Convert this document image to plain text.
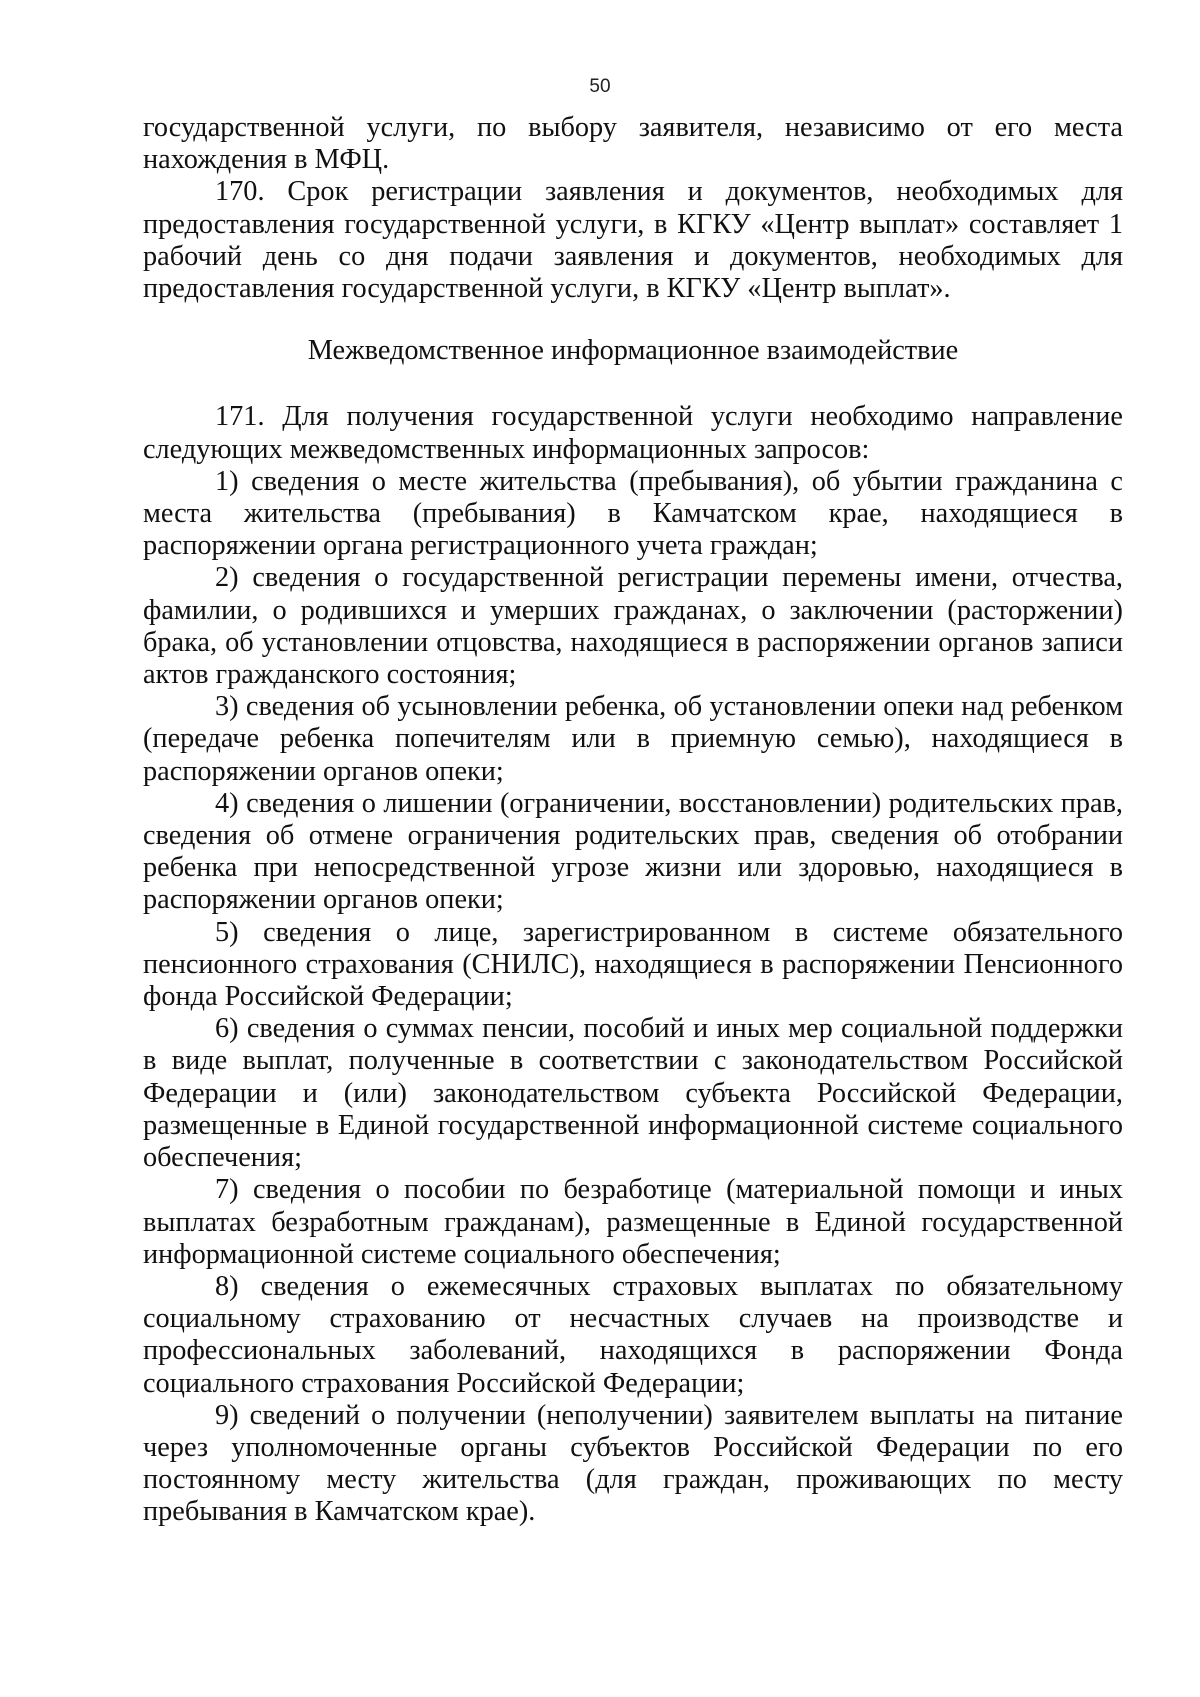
50

государственной услуги, по выбору заявителя, независимо от его места нахождения в МФЦ.

170. Срок регистрации заявления и документов, необходимых для предоставления государственной услуги, в КГКУ «Центр выплат» составляет 1 рабочий день со дня подачи заявления и документов, необходимых для предоставления государственной услуги, в КГКУ «Центр выплат».

Межведомственное информационное взаимодействие

171. Для получения государственной услуги необходимо направление следующих межведомственных информационных запросов:

1) сведения о месте жительства (пребывания), об убытии гражданина с места жительства (пребывания) в Камчатском крае, находящиеся в распоряжении органа регистрационного учета граждан;

2) сведения о государственной регистрации перемены имени, отчества, фамилии, о родившихся и умерших гражданах, о заключении (расторжении) брака, об установлении отцовства, находящиеся в распоряжении органов записи актов гражданского состояния;

3) сведения об усыновлении ребенка, об установлении опеки над ребенком (передаче ребенка попечителям или в приемную семью), находящиеся в распоряжении органов опеки;

4) сведения о лишении (ограничении, восстановлении) родительских прав, сведения об отмене ограничения родительских прав, сведения об отобрании ребенка при непосредственной угрозе жизни или здоровью, находящиеся в распоряжении органов опеки;

5) сведения о лице, зарегистрированном в системе обязательного пенсионного страхования (СНИЛС), находящиеся в распоряжении Пенсионного фонда Российской Федерации;

6) сведения о суммах пенсии, пособий и иных мер социальной поддержки в виде выплат, полученные в соответствии с законодательством Российской Федерации и (или) законодательством субъекта Российской Федерации, размещенные в Единой государственной информационной системе социального обеспечения;

7) сведения о пособии по безработице (материальной помощи и иных выплатах безработным гражданам), размещенные в Единой государственной информационной системе социального обеспечения;

8) сведения о ежемесячных страховых выплатах по обязательному социальному страхованию от несчастных случаев на производстве и профессиональных заболеваний, находящихся в распоряжении Фонда социального страхования Российской Федерации;

9) сведений о получении (неполучении) заявителем выплаты на питание через уполномоченные органы субъектов Российской Федерации по его постоянному месту жительства (для граждан, проживающих по месту пребывания в Камчатском крае).
